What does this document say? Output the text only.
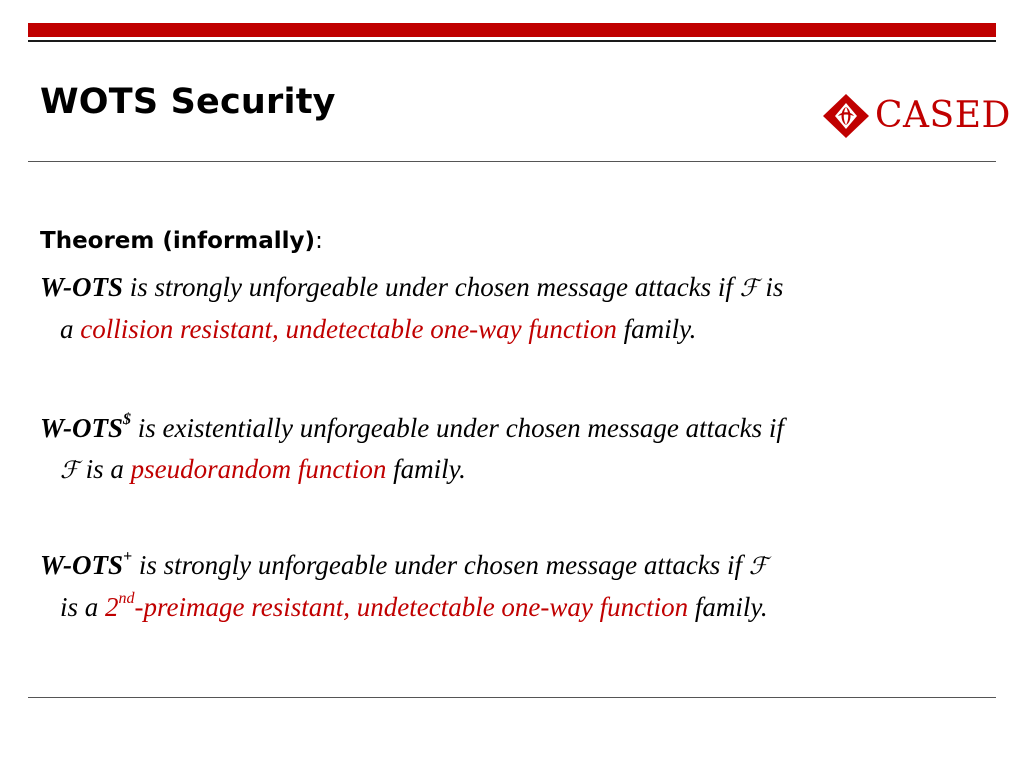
WOTS Security	CASED
Theorem (informally):
W-OTS is strongly unforgeable under chosen message attacks if ℱ is
a collision resistant, undetectable one-way function family.
W-OTS$ is existentially unforgeable under chosen message attacks if
ℱ is a pseudorandom function family.
W-OTS+ is strongly unforgeable under chosen message attacks if ℱ
is a 2nd-preimage resistant, undetectable one-way function family.
